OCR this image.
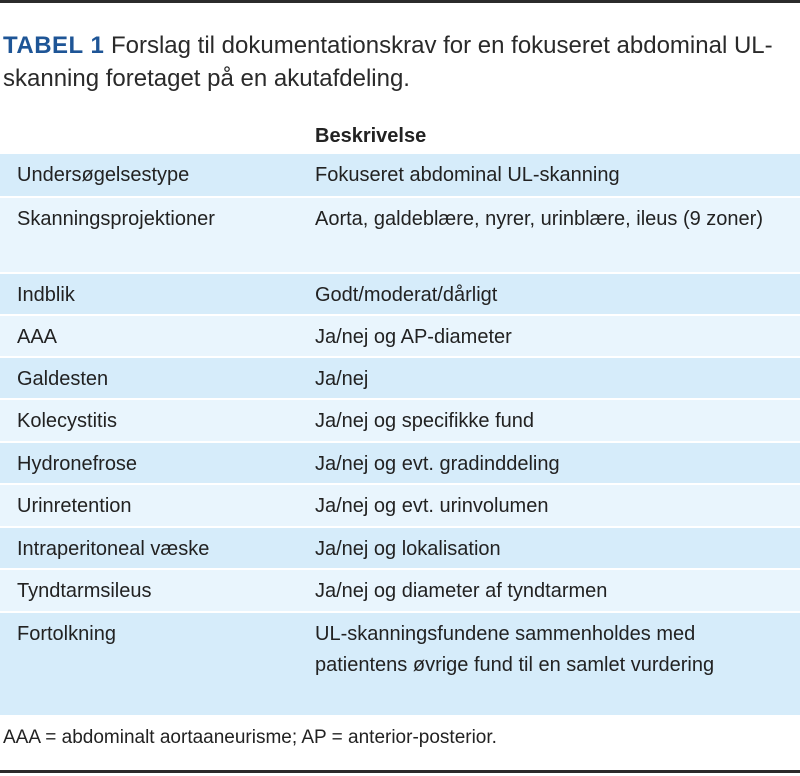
TABEL 1 Forslag til dokumentationskrav for en fokuseret abdominal UL-skanning foretaget på en akutafdeling.
Beskrivelse
Undersøgelsestype	Fokuseret abdominal UL-skanning
Skanningsprojektioner	Aorta, galdeblære, nyrer, urinblære, ileus (9 zoner)
Indblik	Godt/moderat/dårligt
AAA	Ja/nej og AP-diameter
Galdesten	Ja/nej
Kolecystitis	Ja/nej og specifikke fund
Hydronefrose	Ja/nej og evt. gradinddeling
Urinretention	Ja/nej og evt. urinvolumen
Intraperitoneal væske	Ja/nej og lokalisation
Tyndtarmsileus	Ja/nej og diameter af tyndtarmen
Fortolkning	UL-skanningsfundene sammenholdes med patientens øvrige fund til en samlet vurdering
AAA = abdominalt aortaaneurisme; AP = anterior-posterior.
